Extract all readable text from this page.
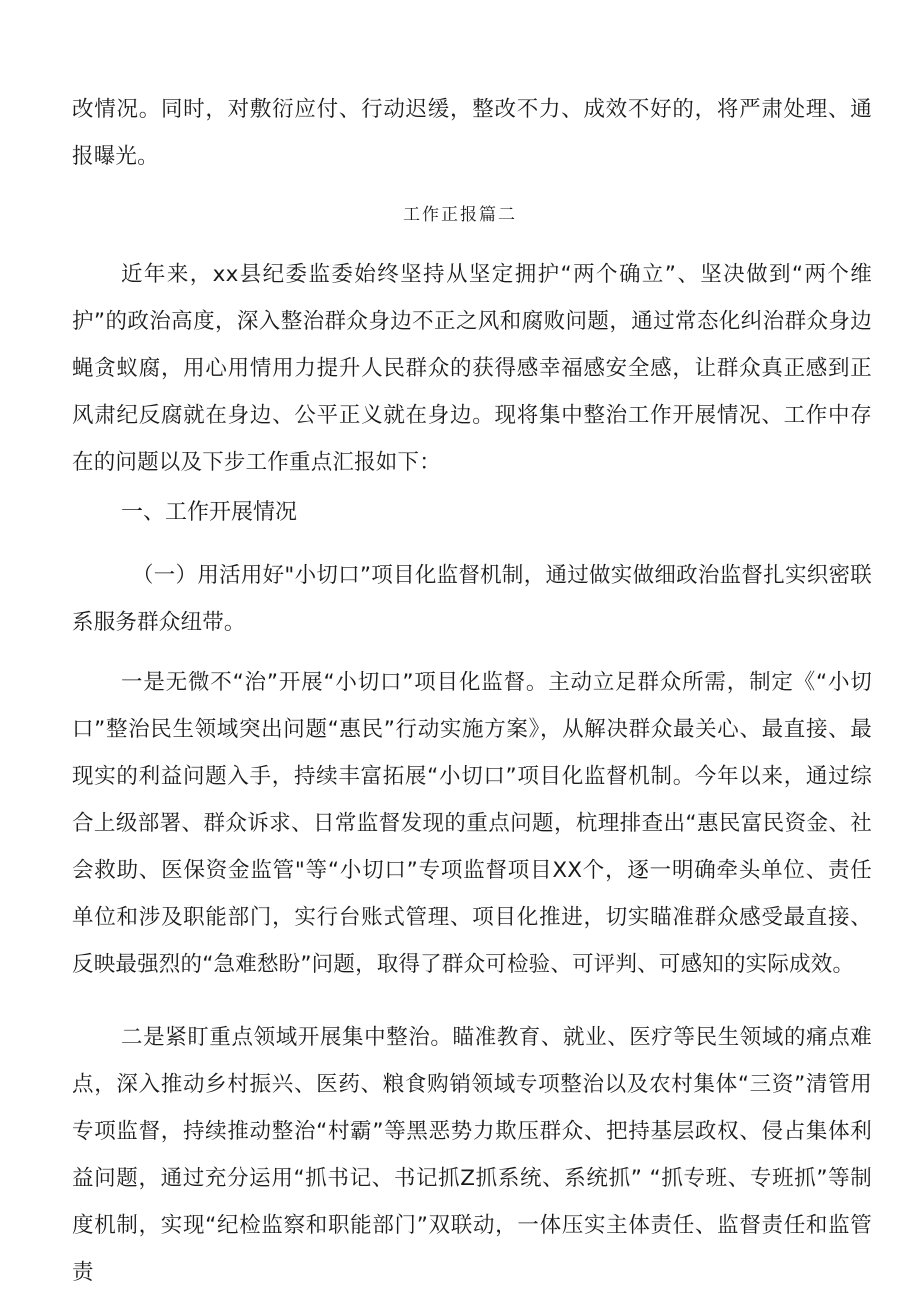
改情况。同时，对敷衍应付、行动迟缓，整改不力、成效不好的，将严肃处理、通报曝光。

工作正报篇二

近年来，xx县纪委监委始终坚持从坚定拥护“两个确立”、坚决做到“两个维护”的政治高度，深入整治群众身边不正之风和腐败问题，通过常态化纠治群众身边蝇贪蚁腐，用心用情用力提升人民群众的获得感幸福感安全感，让群众真正感到正风肃纪反腐就在身边、公平正义就在身边。现将集中整治工作开展情况、工作中存在的问题以及下步工作重点汇报如下：

一、工作开展情况

（一）用活用好"小切口”项目化监督机制，通过做实做细政治监督扎实织密联系服务群众纽带。

一是无微不“治”开展“小切口”项目化监督。主动立足群众所需，制定《“小切口”整治民生领域突出问题“惠民”行动实施方案》，从解决群众最关心、最直接、最现实的利益问题入手，持续丰富拓展“小切口”项目化监督机制。今年以来，通过综合上级部署、群众诉求、日常监督发现的重点问题，杭理排查出“惠民富民资金、社会救助、医保资金监管"等“小切口”专项监督项目XX个，逐一明确牵头单位、责任单位和涉及职能部门，实行台账式管理、项目化推进，切实瞄准群众感受最直接、反映最强烈的“急难愁盼”问题，取得了群众可检验、可评判、可感知的实际成效。

二是紧盯重点领域开展集中整治。瞄准教育、就业、医疗等民生领域的痛点难点，深入推动乡村振兴、医药、粮食购销领域专项整治以及农村集体“三资”清管用专项监督，持续推动整治“村霸”等黑恶势力欺压群众、把持基层政权、侵占集体利益问题，通过充分运用“抓书记、书记抓Z抓系统、系统抓” “抓专班、专班抓”等制度机制，实现“纪检监察和职能部门”双联动，一体压实主体责任、监督责任和监管责
